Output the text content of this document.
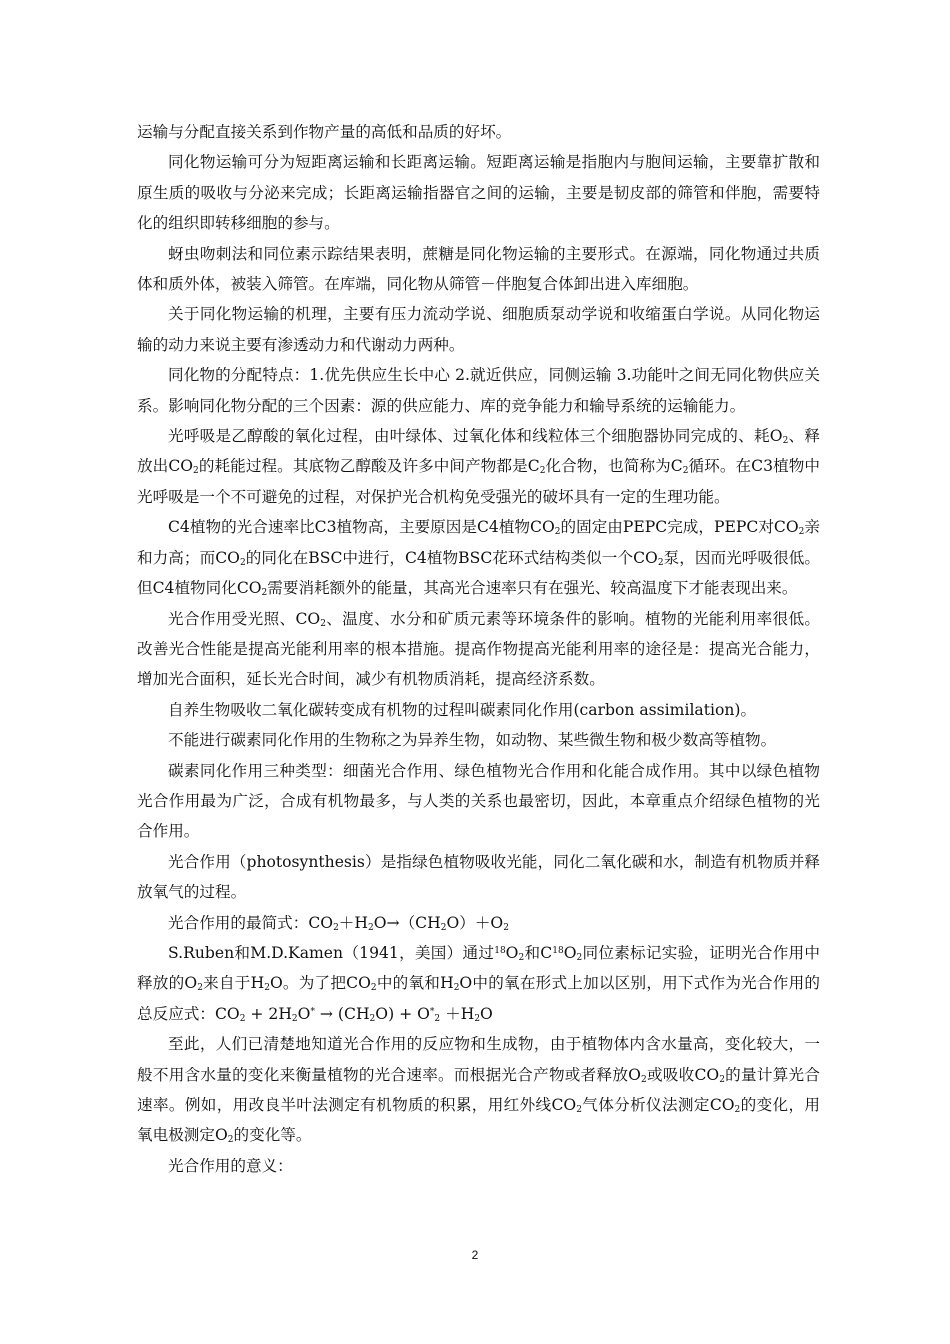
运输与分配直接关系到作物产量的高低和品质的好坏。

同化物运输可分为短距离运输和长距离运输。短距离运输是指胞内与胞间运输，主要靠扩散和原生质的吸收与分泌来完成；长距离运输指器官之间的运输，主要是韧皮部的筛管和伴胞，需要特化的组织即转移细胞的参与。

蚜虫吻刺法和同位素示踪结果表明，蔗糖是同化物运输的主要形式。在源端，同化物通过共质体和质外体，被装入筛管。在库端，同化物从筛管－伴胞复合体卸出进入库细胞。

关于同化物运输的机理，主要有压力流动学说、细胞质泵动学说和收缩蛋白学说。从同化物运输的动力来说主要有渗透动力和代谢动力两种。

同化物的分配特点：1.优先供应生长中心 2.就近供应，同侧运输 3.功能叶之间无同化物供应关系。影响同化物分配的三个因素：源的供应能力、库的竞争能力和输导系统的运输能力。

光呼吸是乙醇酸的氧化过程，由叶绿体、过氧化体和线粒体三个细胞器协同完成的、耗$O_2$、释放出$CO_2$的耗能过程。其底物乙醇酸及许多中间产物都是$C_2$化合物，也简称为$C_2$循环。在C3植物中光呼吸是一个不可避免的过程，对保护光合机构免受强光的破坏具有一定的生理功能。

C4植物的光合速率比C3植物高，主要原因是C4植物$CO_2$的固定由PEPC完成，PEPC对$CO_2$亲和力高；而$CO_2$的同化在BSC中进行，C4植物BSC花环式结构类似一个$CO_2$泵，因而光呼吸很低。但C4植物同化$CO_2$需要消耗额外的能量，其高光合速率只有在强光、较高温度下才能表现出来。

光合作用受光照、$CO_2$、温度、水分和矿质元素等环境条件的影响。植物的光能利用率很低。改善光合性能是提高光能利用率的根本措施。提高作物提高光能利用率的途径是：提高光合能力，增加光合面积，延长光合时间，减少有机物质消耗，提高经济系数。

自养生物吸收二氧化碳转变成有机物的过程叫碳素同化作用(carbon assimilation)。

不能进行碳素同化作用的生物称之为异养生物，如动物、某些微生物和极少数高等植物。

碳素同化作用三种类型：细菌光合作用、绿色植物光合作用和化能合成作用。其中以绿色植物光合作用最为广泛，合成有机物最多，与人类的关系也最密切，因此，本章重点介绍绿色植物的光合作用。

光合作用（photosynthesis）是指绿色植物吸收光能，同化二氧化碳和水，制造有机物质并释放氧气的过程。

光合作用的最简式：$CO_2+H_2O\to(CH_2O)+O_2$

S.Ruben和M.D.Kamen（1941，美国）通过$^{18}O_2$和$C^{18}O_2$同位素标记实验，证明光合作用中释放的$O_2$来自于$H_2O$。为了把$CO_2$中的氧和$H_2O$中的氧在形式上加以区别，用下式作为光合作用的总反应式：$CO_2 + 2H_2O^* \to (CH_2O) + O^*_2 +H_2O$

至此，人们已清楚地知道光合作用的反应物和生成物，由于植物体内含水量高，变化较大，一般不用含水量的变化来衡量植物的光合速率。而根据光合产物或者释放$O_2$或吸收$CO_2$的量计算光合速率。例如，用改良半叶法测定有机物质的积累，用红外线$CO_2$气体分析仪法测定$CO_2$的变化，用氧电极测定$O_2$的变化等。

光合作用的意义：

2
